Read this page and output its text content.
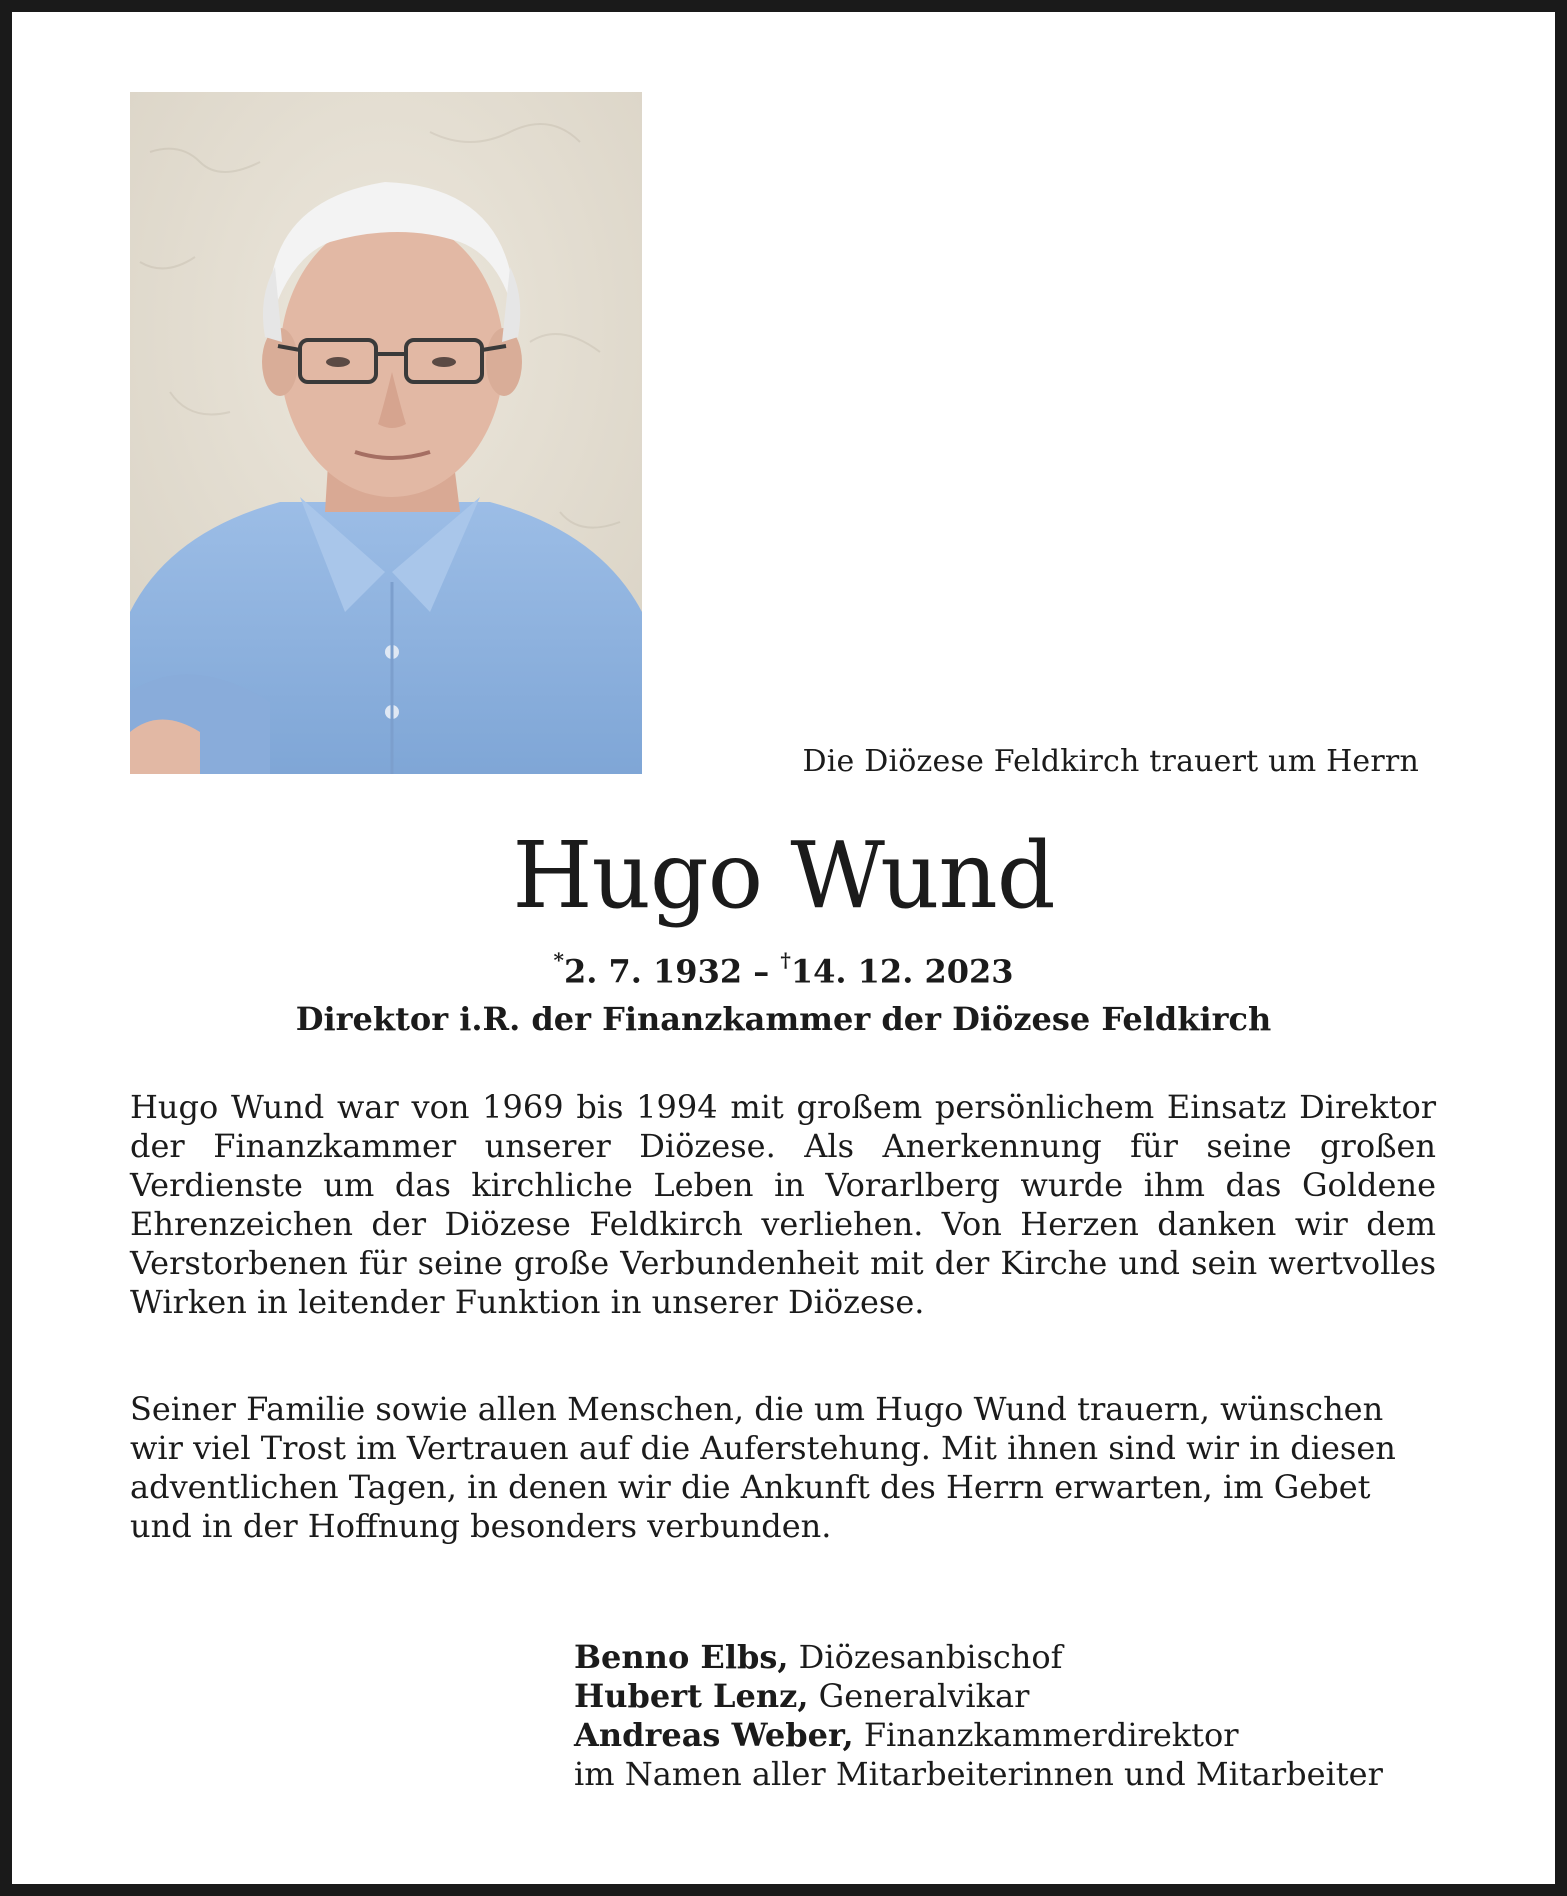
Die Diözese Feldkirch trauert um Herrn
Hugo Wund
*2. 7. 1932 – †14. 12. 2023
Direktor i.R. der Finanzkammer der Diözese Feldkirch

Hugo Wund war von 1969 bis 1994 mit großem persönlichem Einsatz Direktor der Finanzkammer unserer Diözese. Als Anerkennung für seine großen Verdienste um das kirchliche Leben in Vorarlberg wurde ihm das Goldene Ehrenzeichen der Diözese Feldkirch verliehen. Von Herzen danken wir dem Verstorbenen für seine große Verbundenheit mit der Kirche und sein wertvolles Wirken in leitender Funktion in unserer Diözese.

Seiner Familie sowie allen Menschen, die um Hugo Wund trauern, wünschen wir viel Trost im Vertrauen auf die Auferstehung. Mit ihnen sind wir in diesen adventlichen Tagen, in denen wir die Ankunft des Herrn erwarten, im Gebet und in der Hoffnung besonders verbunden.

Benno Elbs, Diözesanbischof
Hubert Lenz, Generalvikar
Andreas Weber, Finanzkammerdirektor
im Namen aller Mitarbeiterinnen und Mitarbeiter
